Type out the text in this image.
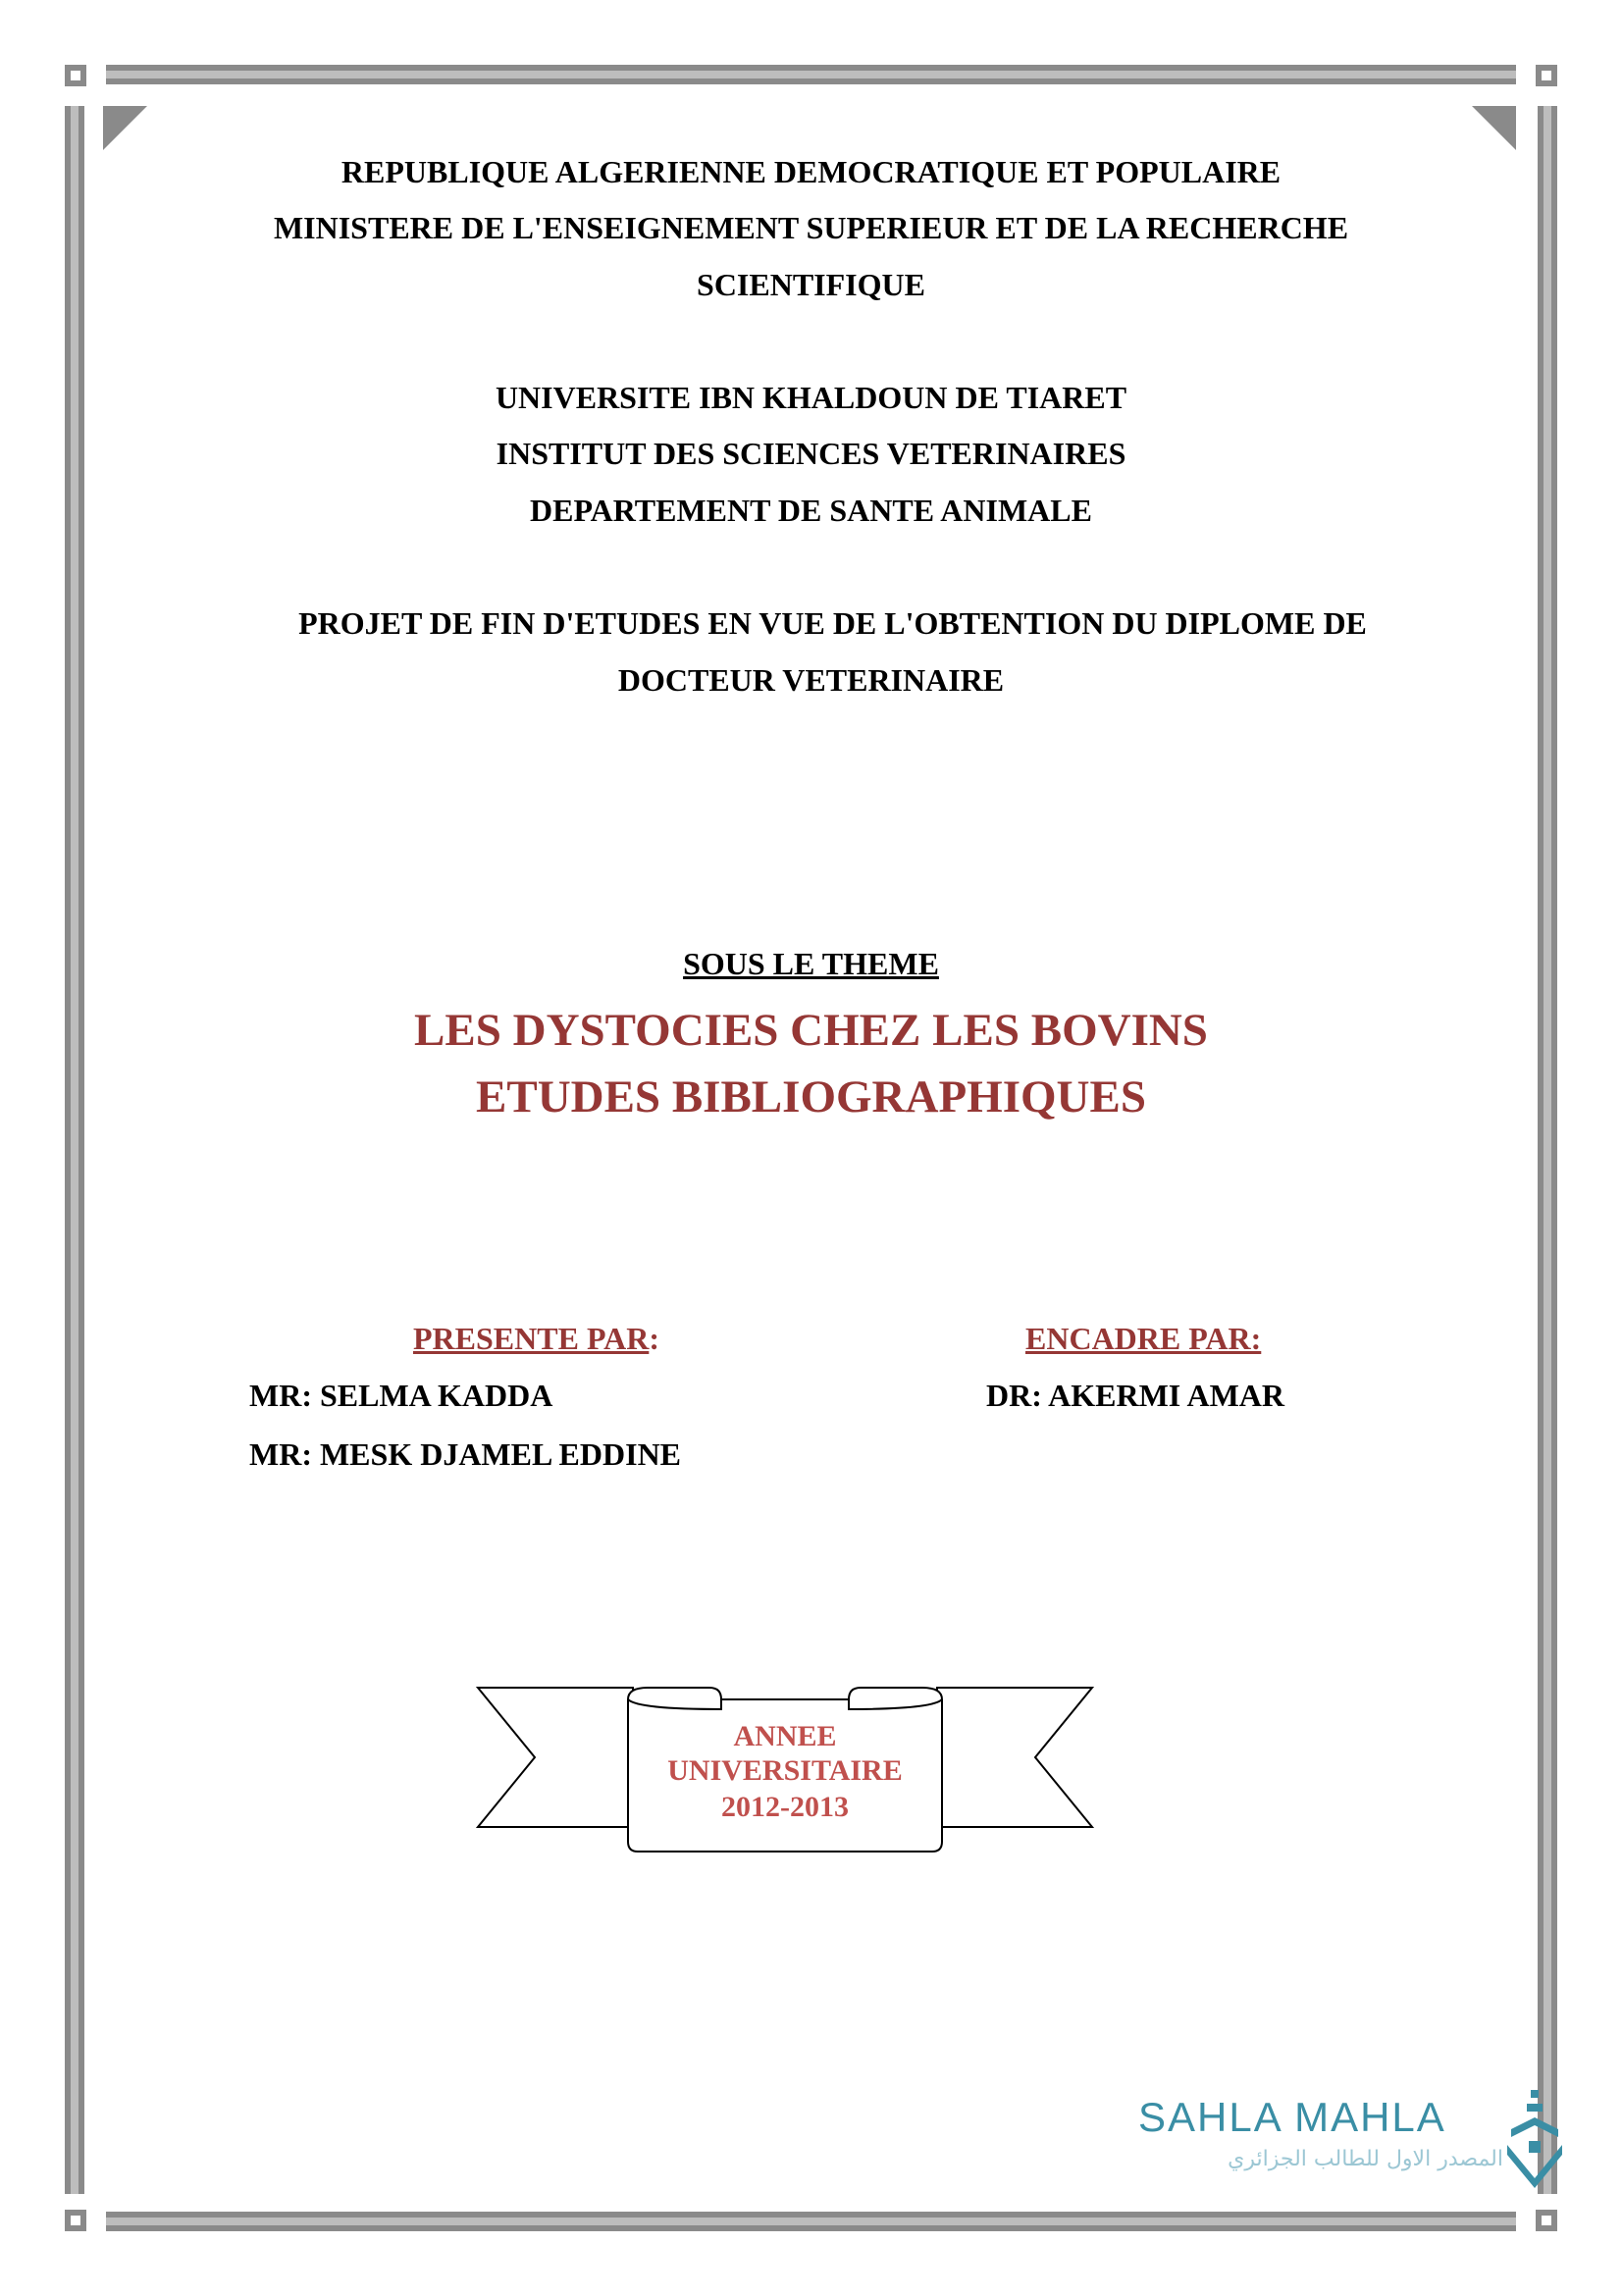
REPUBLIQUE ALGERIENNE DEMOCRATIQUE ET POPULAIRE
MINISTERE DE L'ENSEIGNEMENT SUPERIEUR ET DE LA RECHERCHE
SCIENTIFIQUE
UNIVERSITE IBN KHALDOUN DE TIARET
INSTITUT DES SCIENCES VETERINAIRES
DEPARTEMENT DE SANTE ANIMALE
PROJET DE FIN D'ETUDES EN VUE DE L'OBTENTION DU DIPLOME DE
DOCTEUR VETERINAIRE
SOUS LE THEME
LES DYSTOCIES CHEZ LES BOVINS
ETUDES BIBLIOGRAPHIQUES
PRESENTE PAR:
MR: SELMA KADDA
MR: MESK DJAMEL EDDINE
ENCADRE PAR:
DR: AKERMI AMAR
ANNEE
UNIVERSITAIRE
2012-2013
SAHLA MAHLA
المصدر الاول للطالب الجزائري
